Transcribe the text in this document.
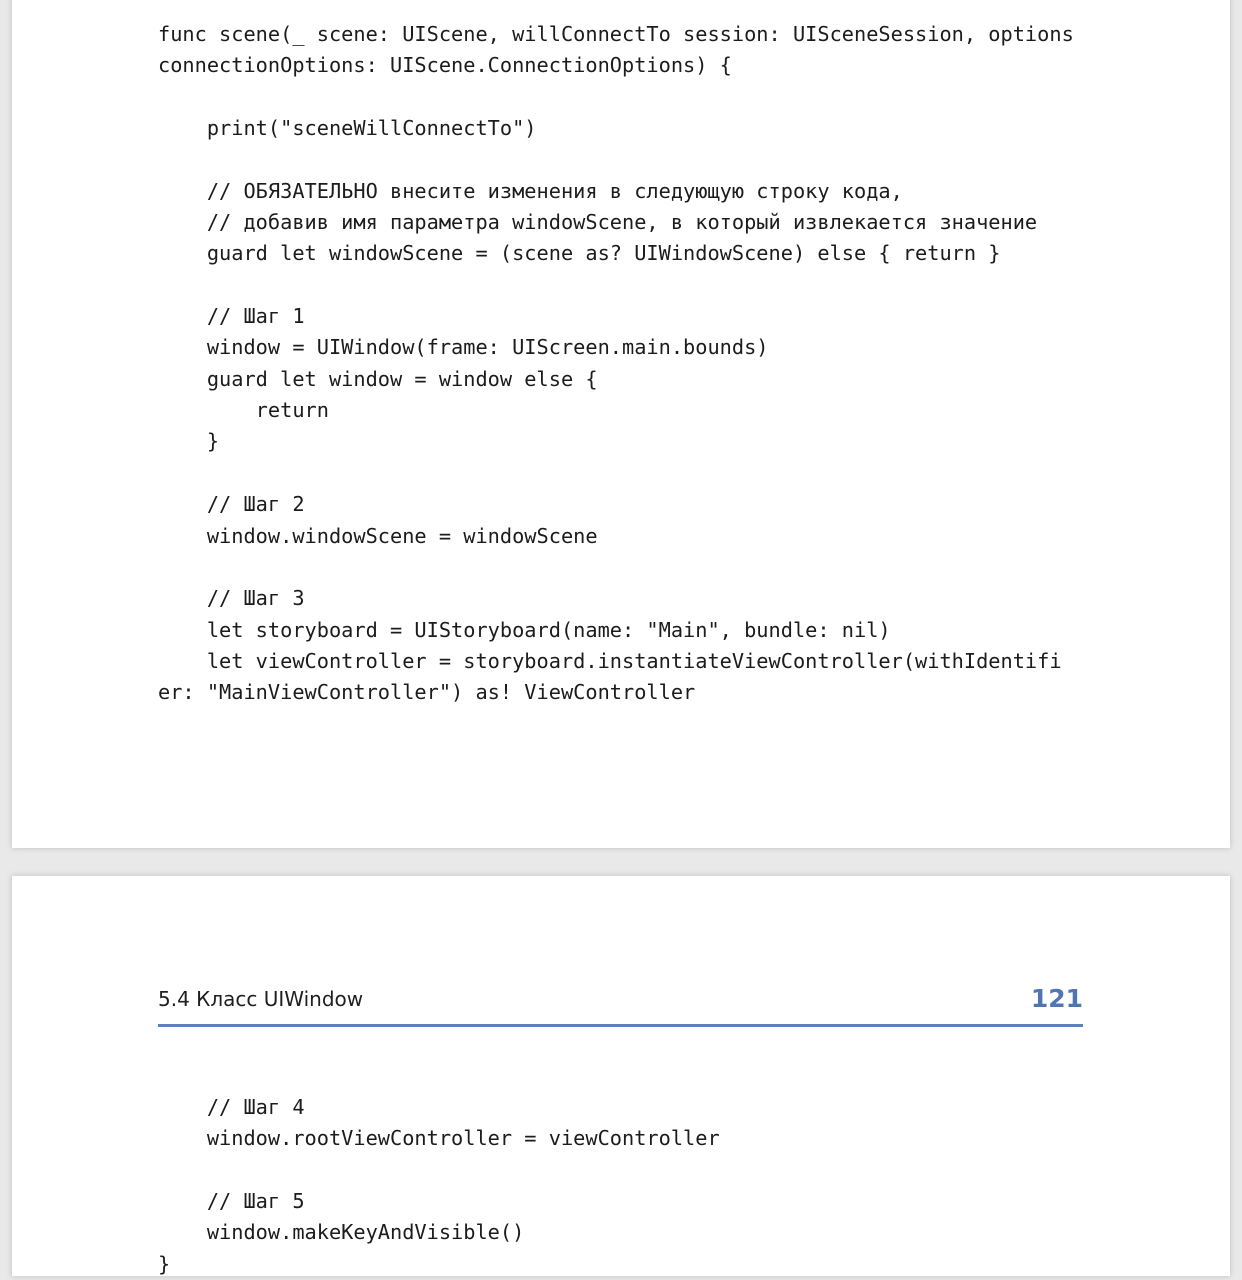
func scene(_ scene: UIScene, willConnectTo session: UISceneSession, options
connectionOptions: UIScene.ConnectionOptions) {
print("sceneWillConnectTo")
// ОБЯЗАТЕЛЬНО внесите изменения в следующую строку кода,
// добавив имя параметра windowScene, в который извлекается значение
guard let windowScene = (scene as? UIWindowScene) else { return }
// Шаг 1
window = UIWindow(frame: UIScreen.main.bounds)
guard let window = window else {
return
}
// Шаг 2
window.windowScene = windowScene
// Шаг 3
let storyboard = UIStoryboard(name: "Main", bundle: nil)
let viewController = storyboard.instantiateViewController(withIdentifi
er: "MainViewController") as! ViewController
5.4 Класс UIWindow	121
// Шаг 4
window.rootViewController = viewController
// Шаг 5
window.makeKeyAndVisible()
}
